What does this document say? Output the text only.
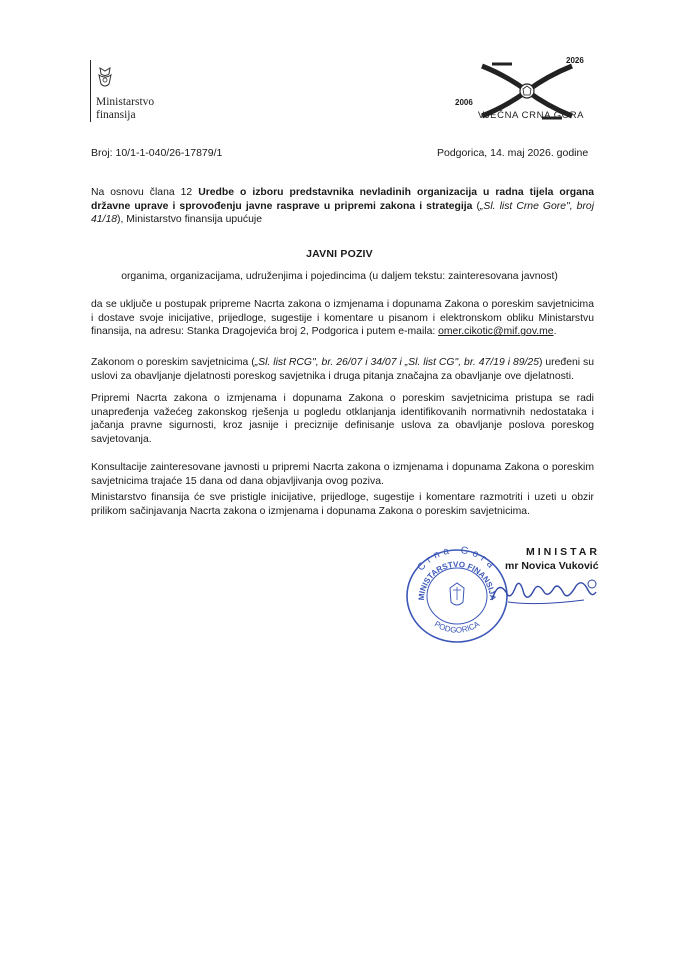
Ministarstvo
finansija
2006
2026
VJEČNA CRNA GORA
Broj: 10/1-1-040/26-17879/1	Podgorica, 14. maj 2026. godine
Na osnovu člana 12 Uredbe o izboru predstavnika nevladinih organizacija u radna tijela organa državne uprave i sprovođenju javne rasprave u pripremi zakona i strategija („Sl. list Crne Gore", broj 41/18), Ministarstvo finansija upućuje
JAVNI POZIV
organima, organizacijama, udruženjima i pojedincima (u daljem tekstu: zainteresovana javnost)
da se uključe u postupak pripreme Nacrta zakona o izmjenama i dopunama Zakona o poreskim savjetnicima i dostave svoje inicijative, prijedloge, sugestije i komentare u pisanom i elektronskom obliku Ministarstvu finansija, na adresu: Stanka Dragojevića broj 2, Podgorica i putem e-maila: omer.cikotic@mif.gov.me.
Zakonom o poreskim savjetnicima („Sl. list RCG", br. 26/07 i 34/07 i „Sl. list CG", br. 47/19 i 89/25) uređeni su uslovi za obavljanje djelatnosti poreskog savjetnika i druga pitanja značajna za obavljanje ove djelatnosti.
Pripremi Nacrta zakona o izmjenama i dopunama Zakona o poreskim savjetnicima pristupa se radi unapređenja važećeg zakonskog rješenja u pogledu otklanjanja identifikovanih normativnih nedostataka i jačanja pravne sigurnosti, kroz jasnije i preciznije definisanje uslova za obavljanje poslova poreskog savjetovanja.
Konsultacije zainteresovane javnosti u pripremi Nacrta zakona o izmjenama i dopunama Zakona o poreskim savjetnicima trajaće 15 dana od dana objavljivanja ovog poziva.
Ministarstvo finansija će sve pristigle inicijative, prijedloge, sugestije i komentare razmotriti i uzeti u obzir prilikom sačinjavanja Nacrta zakona o izmjenama i dopunama Zakona o poreskim savjetnicima.
Crna Gora
MINISTARSTVO FINANSIJA
PODGORICA
MINISTAR
mr Novica Vuković
